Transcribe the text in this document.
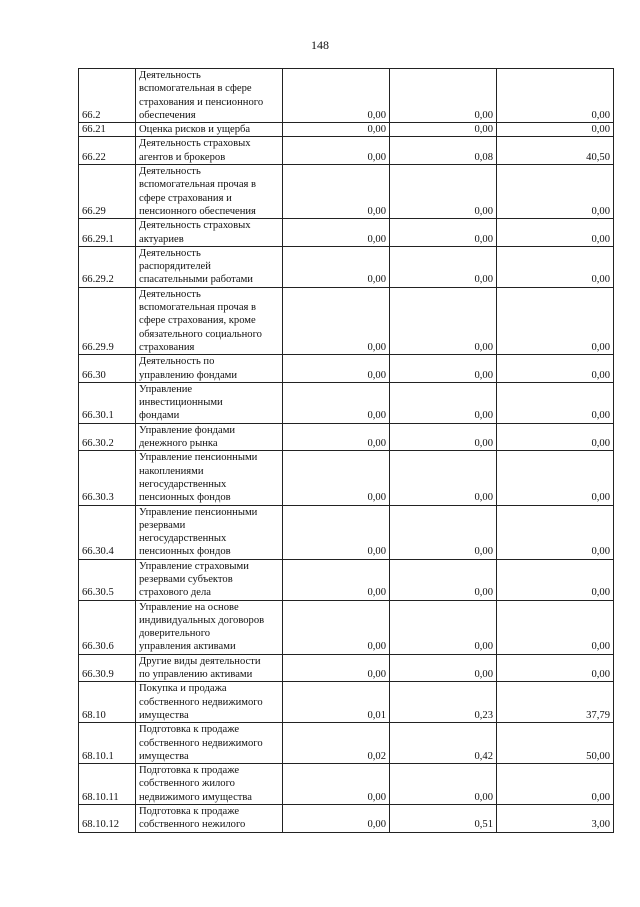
148
66.2	Деятельность
вспомогательная в сфере
страхования и пенсионного
обеспечения	0,00	0,00	0,00
66.21	Оценка рисков и ущерба	0,00	0,00	0,00
66.22	Деятельность страховых
агентов и брокеров	0,00	0,08	40,50
66.29	Деятельность
вспомогательная прочая в
сфере страхования и
пенсионного обеспечения	0,00	0,00	0,00
66.29.1	Деятельность страховых
актуариев	0,00	0,00	0,00
66.29.2	Деятельность
распорядителей
спасательными работами	0,00	0,00	0,00
66.29.9	Деятельность
вспомогательная прочая в
сфере страхования, кроме
обязательного социального
страхования	0,00	0,00	0,00
66.30	Деятельность по
управлению фондами	0,00	0,00	0,00
66.30.1	Управление
инвестиционными
фондами	0,00	0,00	0,00
66.30.2	Управление фондами
денежного рынка	0,00	0,00	0,00
66.30.3	Управление пенсионными
накоплениями
негосударственных
пенсионных фондов	0,00	0,00	0,00
66.30.4	Управление пенсионными
резервами
негосударственных
пенсионных фондов	0,00	0,00	0,00
66.30.5	Управление страховыми
резервами субъектов
страхового дела	0,00	0,00	0,00
66.30.6	Управление на основе
индивидуальных договоров
доверительного
управления активами	0,00	0,00	0,00
66.30.9	Другие виды деятельности
по управлению активами	0,00	0,00	0,00
68.10	Покупка и продажа
собственного недвижимого
имущества	0,01	0,23	37,79
68.10.1	Подготовка к продаже
собственного недвижимого
имущества	0,02	0,42	50,00
68.10.11	Подготовка к продаже
собственного жилого
недвижимого имущества	0,00	0,00	0,00
68.10.12	Подготовка к продаже
собственного нежилого	0,00	0,51	3,00
